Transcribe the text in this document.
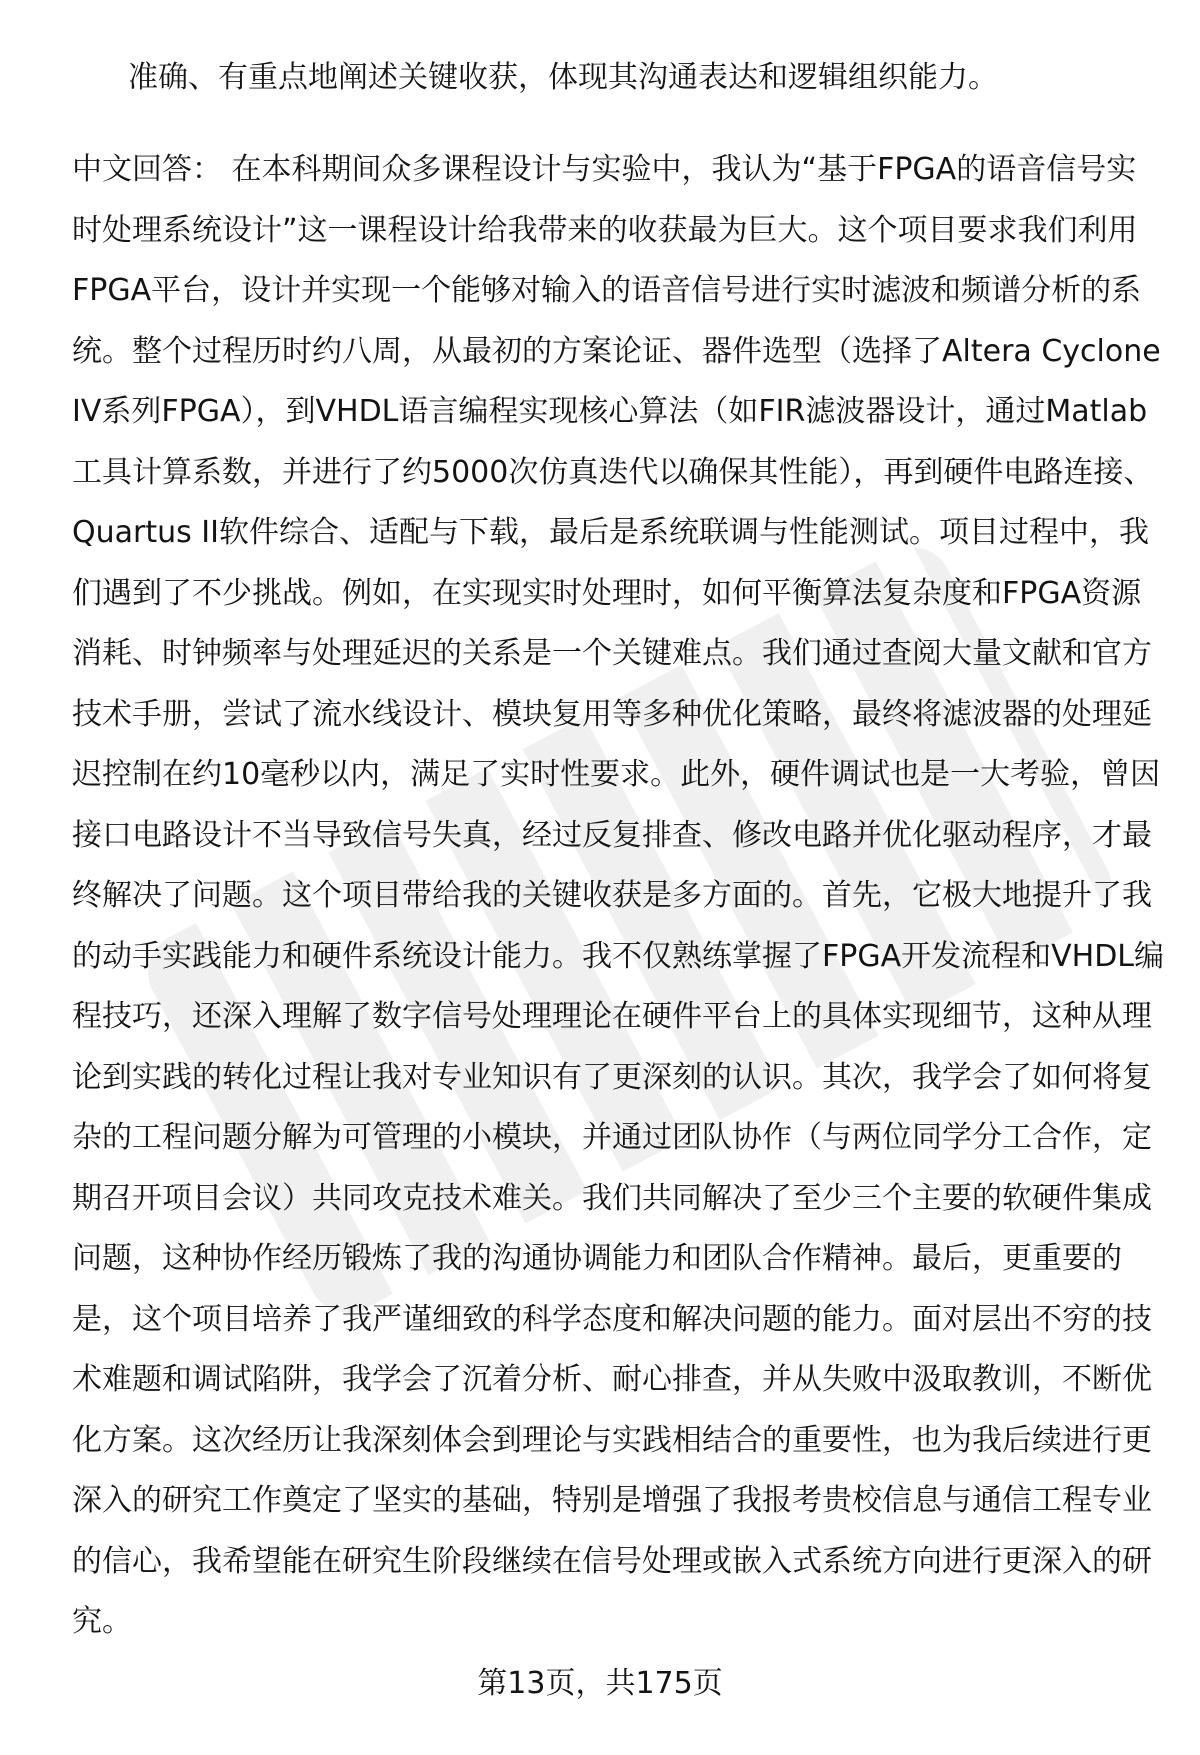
准确、有重点地阐述关键收获，体现其沟通表达和逻辑组织能力。
中文回答： 在本科期间众多课程设计与实验中，我认为“基于FPGA的语音信号实
时处理系统设计”这一课程设计给我带来的收获最为巨大。这个项目要求我们利用
FPGA平台，设计并实现一个能够对输入的语音信号进行实时滤波和频谱分析的系
统。整个过程历时约八周，从最初的方案论证、器件选型（选择了Altera Cyclone
IV系列FPGA），到VHDL语言编程实现核心算法（如FIR滤波器设计，通过Matlab
工具计算系数，并进行了约5000次仿真迭代以确保其性能），再到硬件电路连接、
Quartus II软件综合、适配与下载，最后是系统联调与性能测试。项目过程中，我
们遇到了不少挑战。例如，在实现实时处理时，如何平衡算法复杂度和FPGA资源
消耗、时钟频率与处理延迟的关系是一个关键难点。我们通过查阅大量文献和官方
技术手册，尝试了流水线设计、模块复用等多种优化策略，最终将滤波器的处理延
迟控制在约10毫秒以内，满足了实时性要求。此外，硬件调试也是一大考验，曾因
接口电路设计不当导致信号失真，经过反复排查、修改电路并优化驱动程序，才最
终解决了问题。这个项目带给我的关键收获是多方面的。首先，它极大地提升了我
的动手实践能力和硬件系统设计能力。我不仅熟练掌握了FPGA开发流程和VHDL编
程技巧，还深入理解了数字信号处理理论在硬件平台上的具体实现细节，这种从理
论到实践的转化过程让我对专业知识有了更深刻的认识。其次，我学会了如何将复
杂的工程问题分解为可管理的小模块，并通过团队协作（与两位同学分工合作，定
期召开项目会议）共同攻克技术难关。我们共同解决了至少三个主要的软硬件集成
问题，这种协作经历锻炼了我的沟通协调能力和团队合作精神。最后，更重要的
是，这个项目培养了我严谨细致的科学态度和解决问题的能力。面对层出不穷的技
术难题和调试陷阱，我学会了沉着分析、耐心排查，并从失败中汲取教训，不断优
化方案。这次经历让我深刻体会到理论与实践相结合的重要性，也为我后续进行更
深入的研究工作奠定了坚实的基础，特别是增强了我报考贵校信息与通信工程专业
的信心，我希望能在研究生阶段继续在信号处理或嵌入式系统方向进行更深入的研
究。
第13页，共175页
